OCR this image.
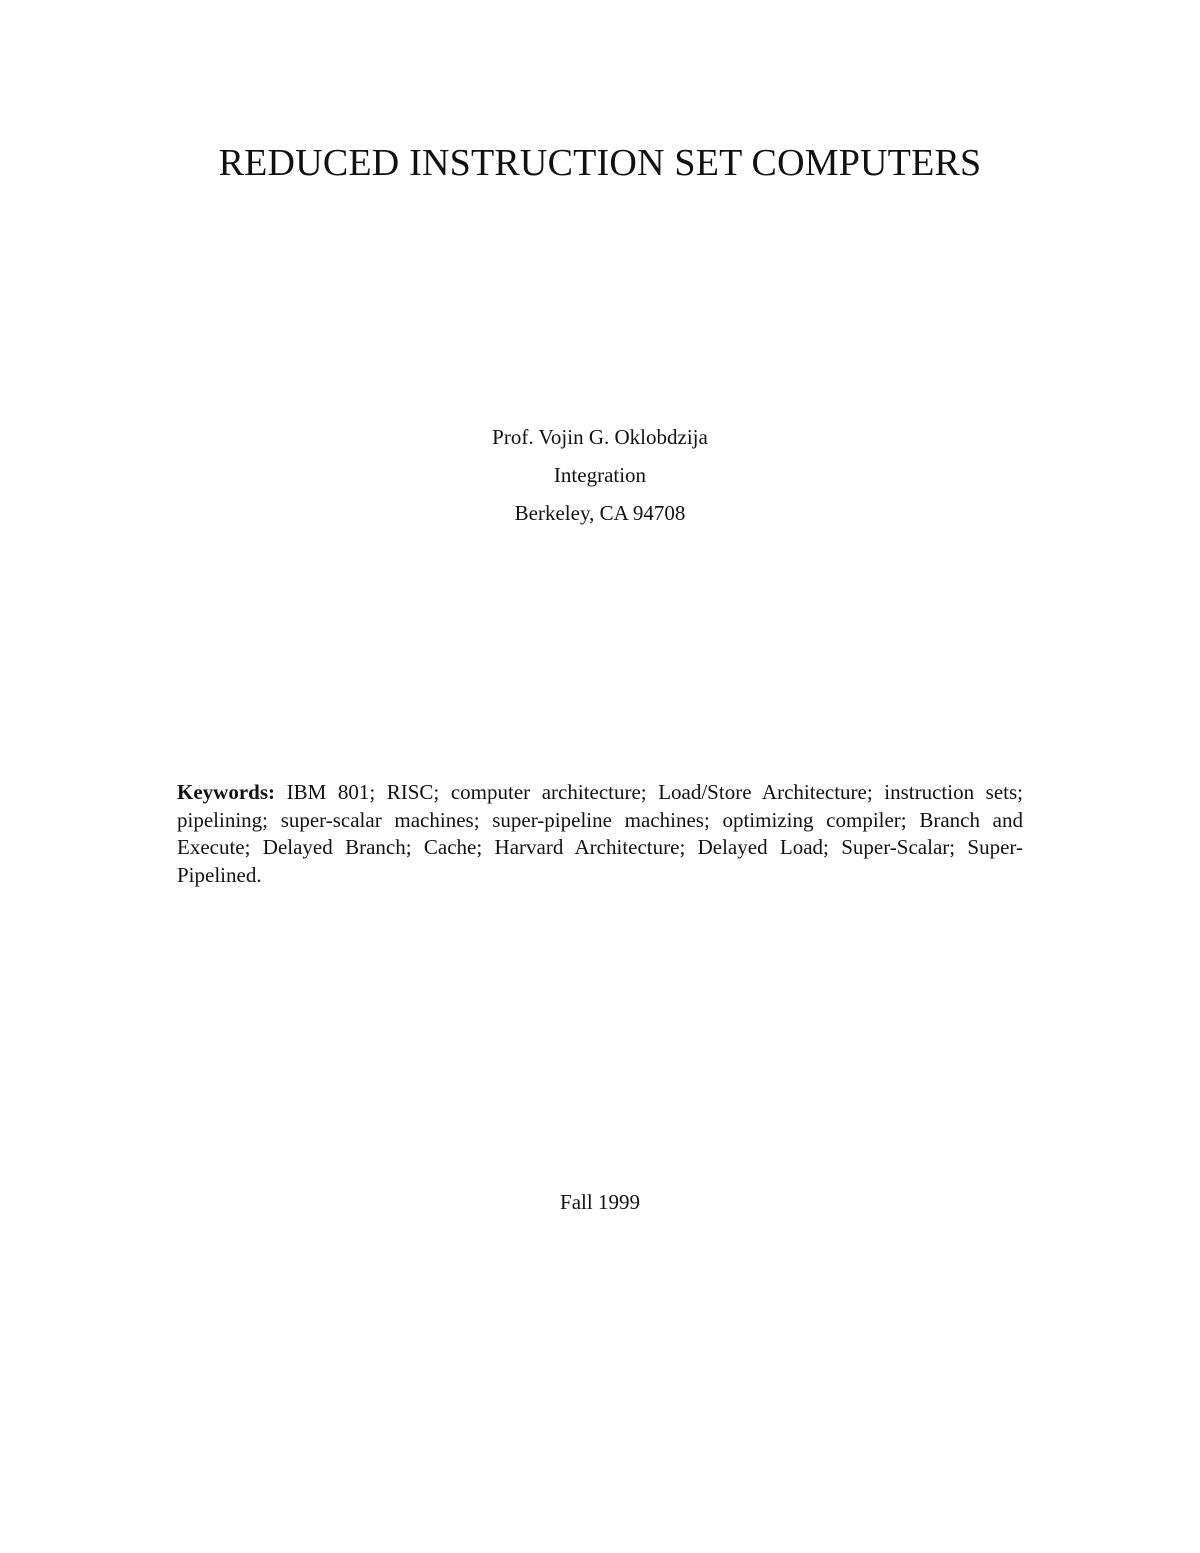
REDUCED INSTRUCTION SET COMPUTERS
Prof. Vojin G. Oklobdzija
Integration
Berkeley, CA 94708
Keywords: IBM 801; RISC; computer architecture; Load/Store Architecture; instruction sets; pipelining; super-scalar machines; super-pipeline machines; optimizing compiler; Branch and Execute; Delayed Branch; Cache; Harvard Architecture; Delayed Load; Super-Scalar; Super-Pipelined.
Fall 1999
